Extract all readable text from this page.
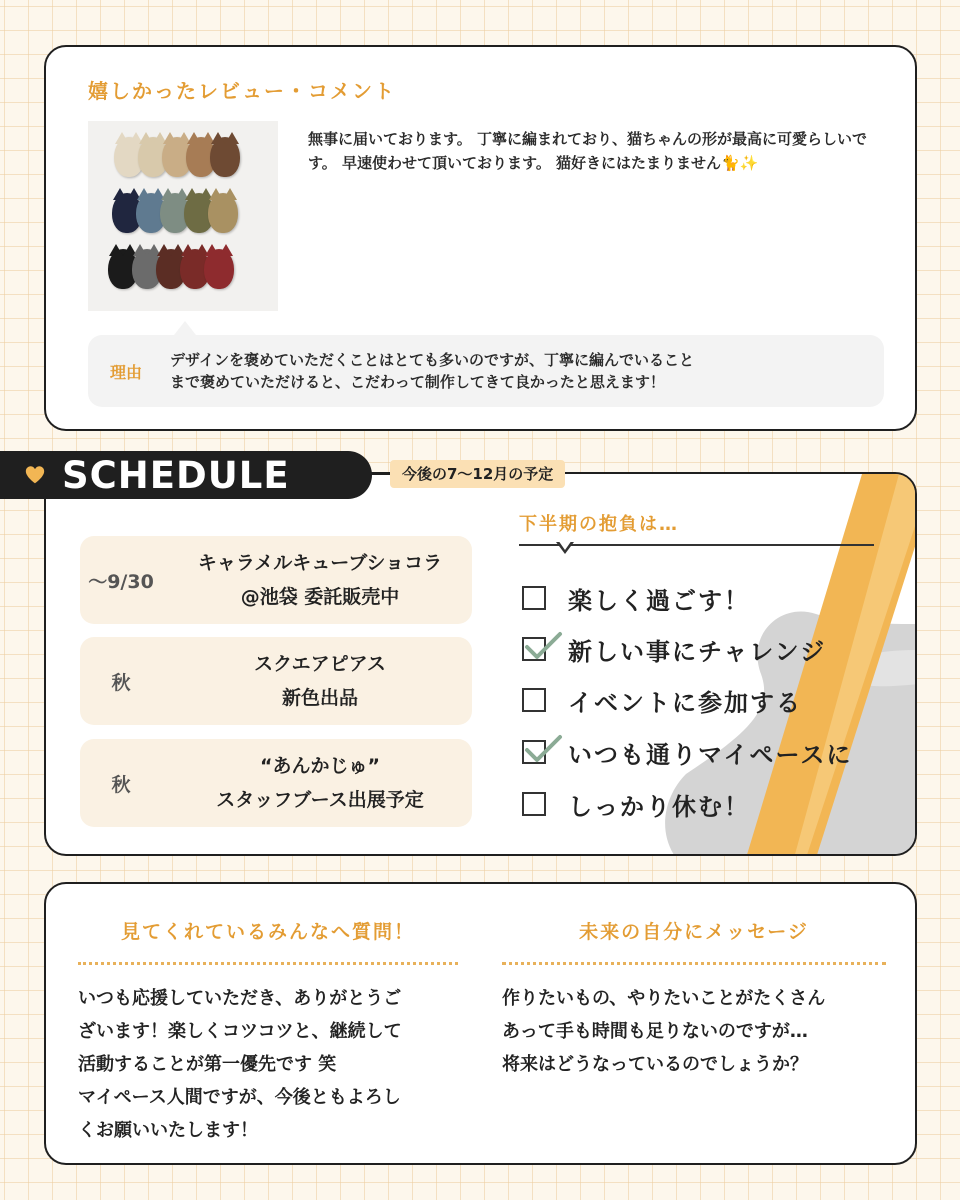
嬉しかったレビュー・コメント

無事に届いております。 丁寧に編まれており、猫ちゃんの形が最高に可愛らしいです。 早速使わせて頂いております。 猫好きにはたまりません🐈✨

理由

デザインを褒めていただくことはとても多いのですが、丁寧に編んでいること
まで褒めていただけると、こだわって制作してきて良かったと思えます！

SCHEDULE	今後の7〜12月の予定
〜9/30
キャラメルキューブショコラ
@池袋 委託販売中
秋
スクエアピアス
新色出品
秋
“あんかじゅ”
スタッフブース出展予定
下半期の抱負は…
楽しく過ごす！
新しい事にチャレンジ
イベントに参加する
いつも通りマイペースに
しっかり休む！
見てくれているみんなへ質問！

いつも応援していただき、ありがとうご
ざいます！楽しくコツコツと、継続して
活動することが第一優先です 笑
マイペース人間ですが、今後ともよろし
くお願いいたします！

未来の自分にメッセージ

作りたいもの、やりたいことがたくさん
あって手も時間も足りないのですが…
将来はどうなっているのでしょうか？
